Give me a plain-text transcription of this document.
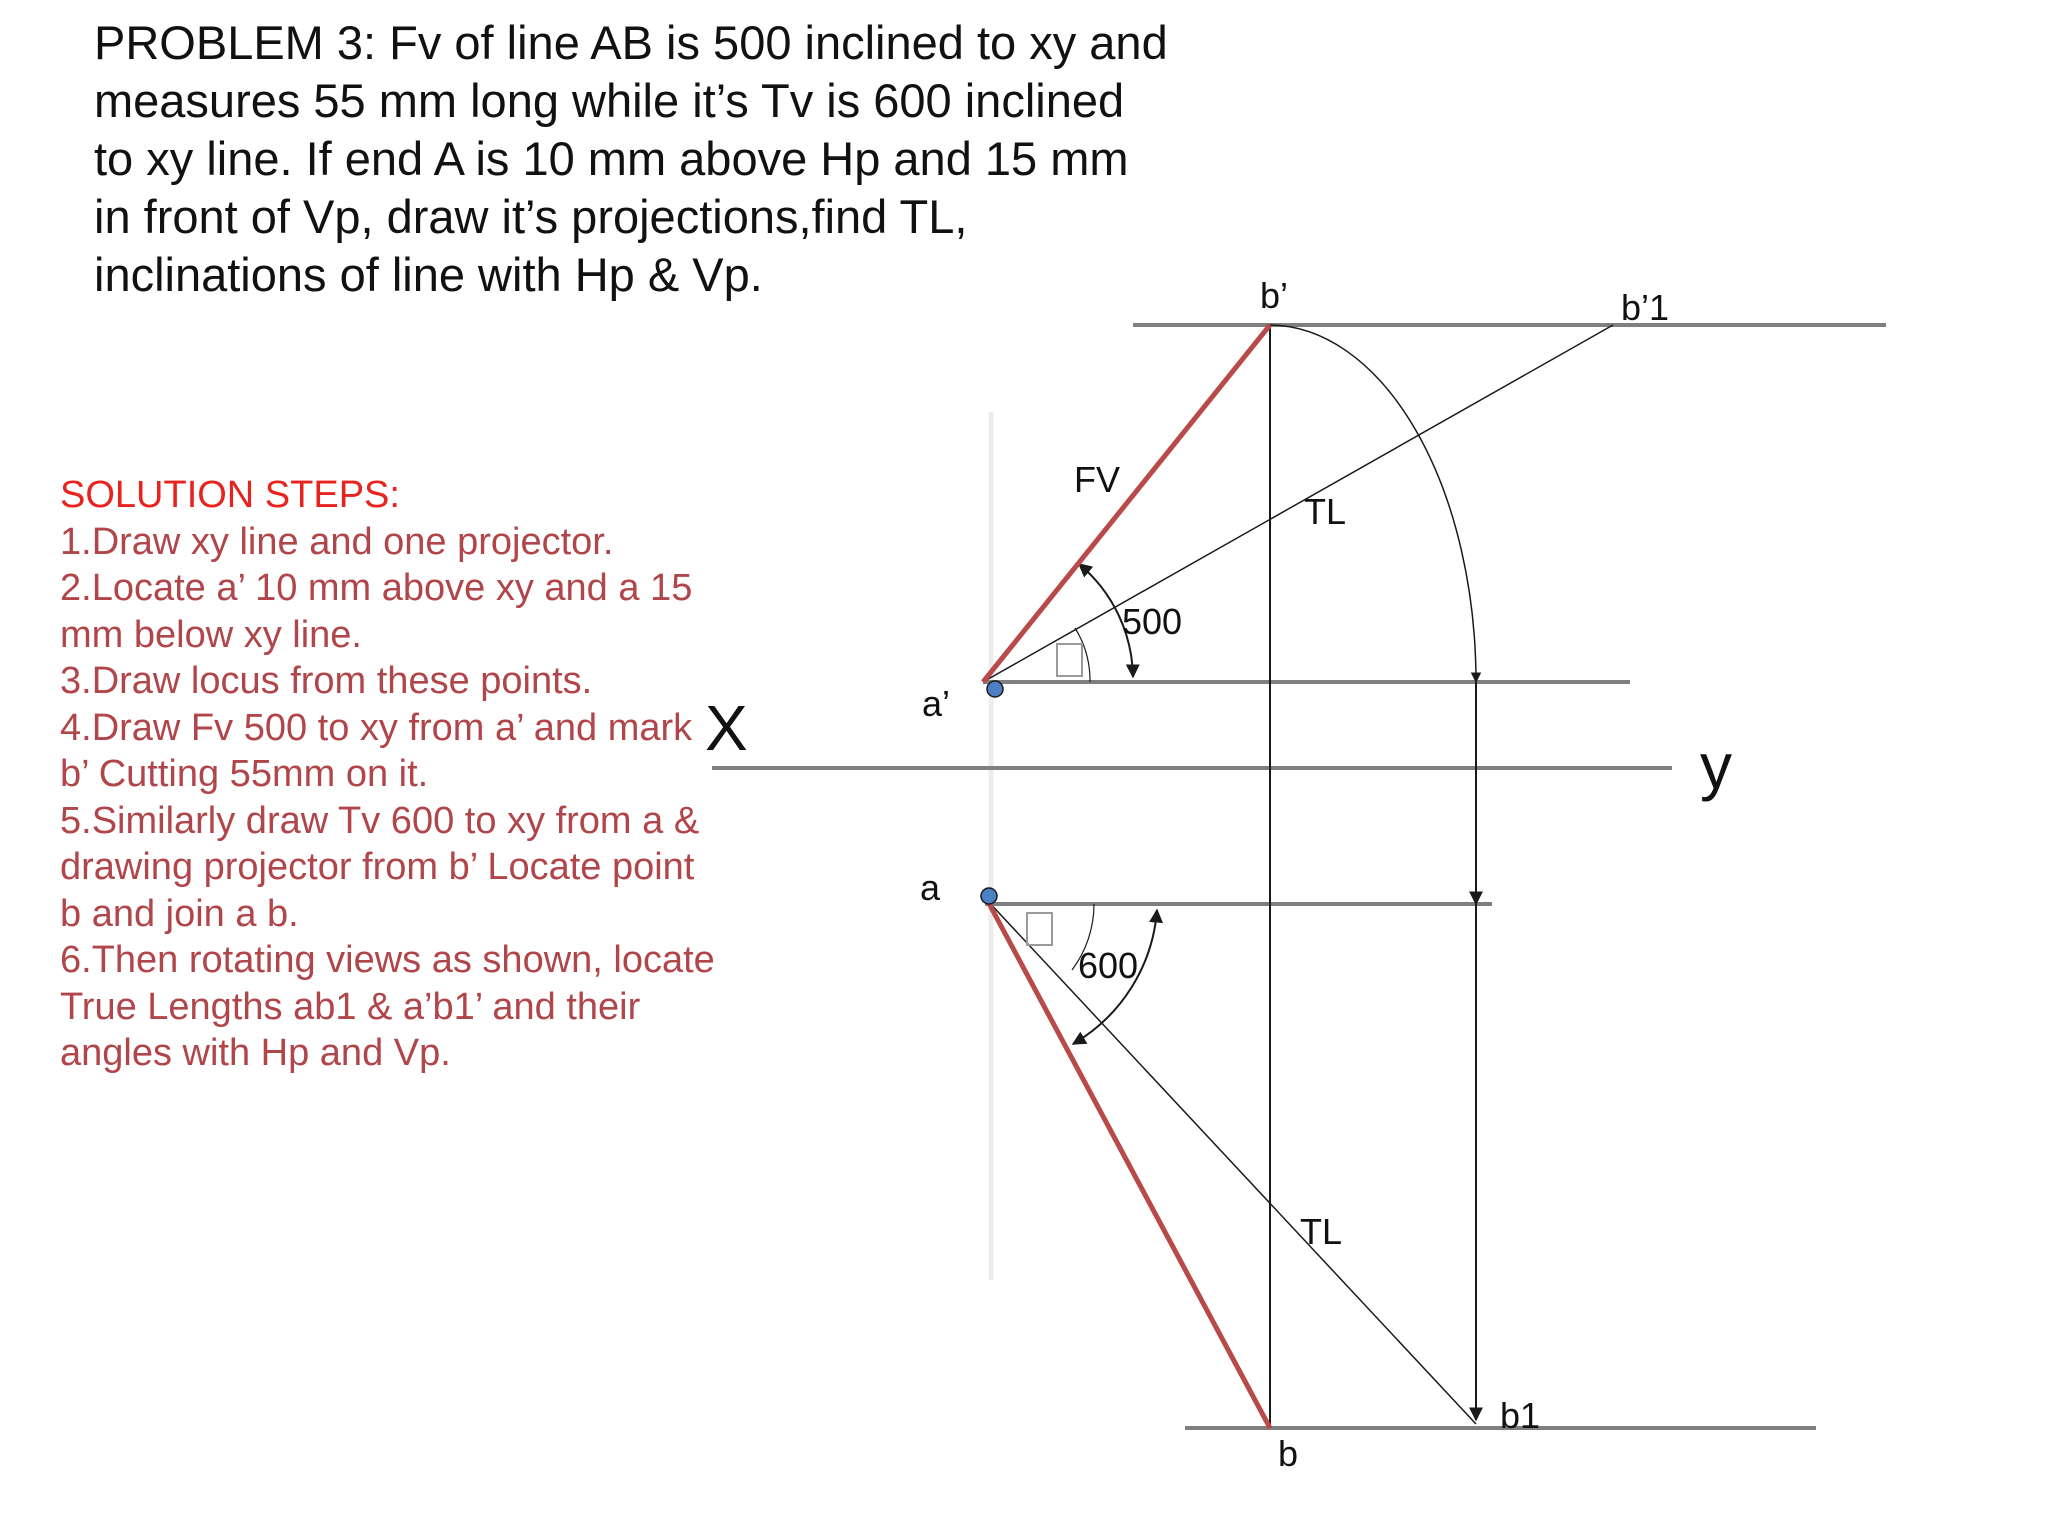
PROBLEM 3: Fv of line AB is 500 inclined to xy and measures 55 mm long while it’s Tv is 600 inclined to xy line. If end A is 10 mm above Hp and 15 mm in front of Vp, draw it’s projections,find TL, inclinations of line with Hp & Vp.

SOLUTION STEPS:
1.Draw xy line and one projector.
2.Locate a’ 10 mm above xy and a 15 mm below xy line.
3.Draw locus from these points.
4.Draw Fv 500 to xy from a’ and mark b’ Cutting 55mm on it.
5.Similarly draw Tv 600 to xy from a & drawing projector from b’ Locate point b and join a b.
6.Then rotating views as shown, locate True Lengths ab1 & a’b1’ and their angles with Hp and Vp.
X
y
a’
b’	b’1
a
b
b1
FV
TL
TL
500
600
